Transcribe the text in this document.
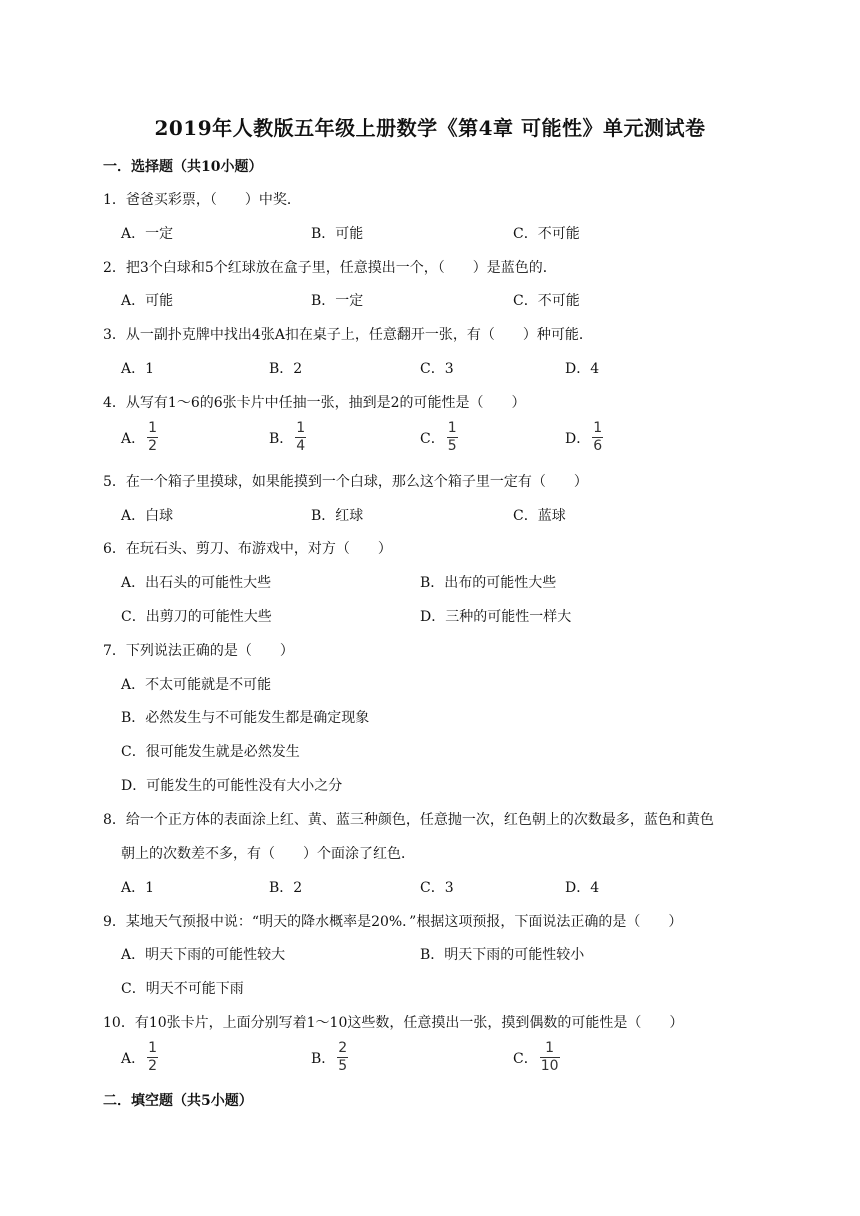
2019年人教版五年级上册数学《第4章 可能性》单元测试卷
一．选择题（共10小题）
1．爸爸买彩票，（　　）中奖．
A．一定	B．可能	C．不可能
2．把3个白球和5个红球放在盒子里，任意摸出一个，（　　）是蓝色的．
A．可能	B．一定	C．不可能
3．从一副扑克牌中找出4张A扣在桌子上，任意翻开一张，有（　　）种可能．
A．1	B．2	C．3	D．4
4．从写有1～6的6张卡片中任抽一张，抽到是2的可能性是（　　）
A． $\frac{1}{2}$	B． $\frac{1}{4}$	C． $\frac{1}{5}$	D． $\frac{1}{6}$
5．在一个箱子里摸球，如果能摸到一个白球，那么这个箱子里一定有（　　）
A．白球	B．红球	C．蓝球
6．在玩石头、剪刀、布游戏中，对方（　　）
A．出石头的可能性大些	B．出布的可能性大些
C．出剪刀的可能性大些	D．三种的可能性一样大
7．下列说法正确的是（　　）
A．不太可能就是不可能
B．必然发生与不可能发生都是确定现象
C．很可能发生就是必然发生
D．可能发生的可能性没有大小之分
8．给一个正方体的表面涂上红、黄、蓝三种颜色，任意抛一次，红色朝上的次数最多，蓝色和黄色
朝上的次数差不多，有（　　）个面涂了红色．
A．1	B．2	C．3	D．4
9．某地天气预报中说：“明天的降水概率是20%．”根据这项预报，下面说法正确的是（　　）
A．明天下雨的可能性较大	B．明天下雨的可能性较小
C．明天不可能下雨
10．有10张卡片，上面分别写着1～10这些数，任意摸出一张，摸到偶数的可能性是（　　）
A． $\frac{1}{2}$	B． $\frac{2}{5}$	C． $\frac{1}{10}$
二．填空题（共5小题）
